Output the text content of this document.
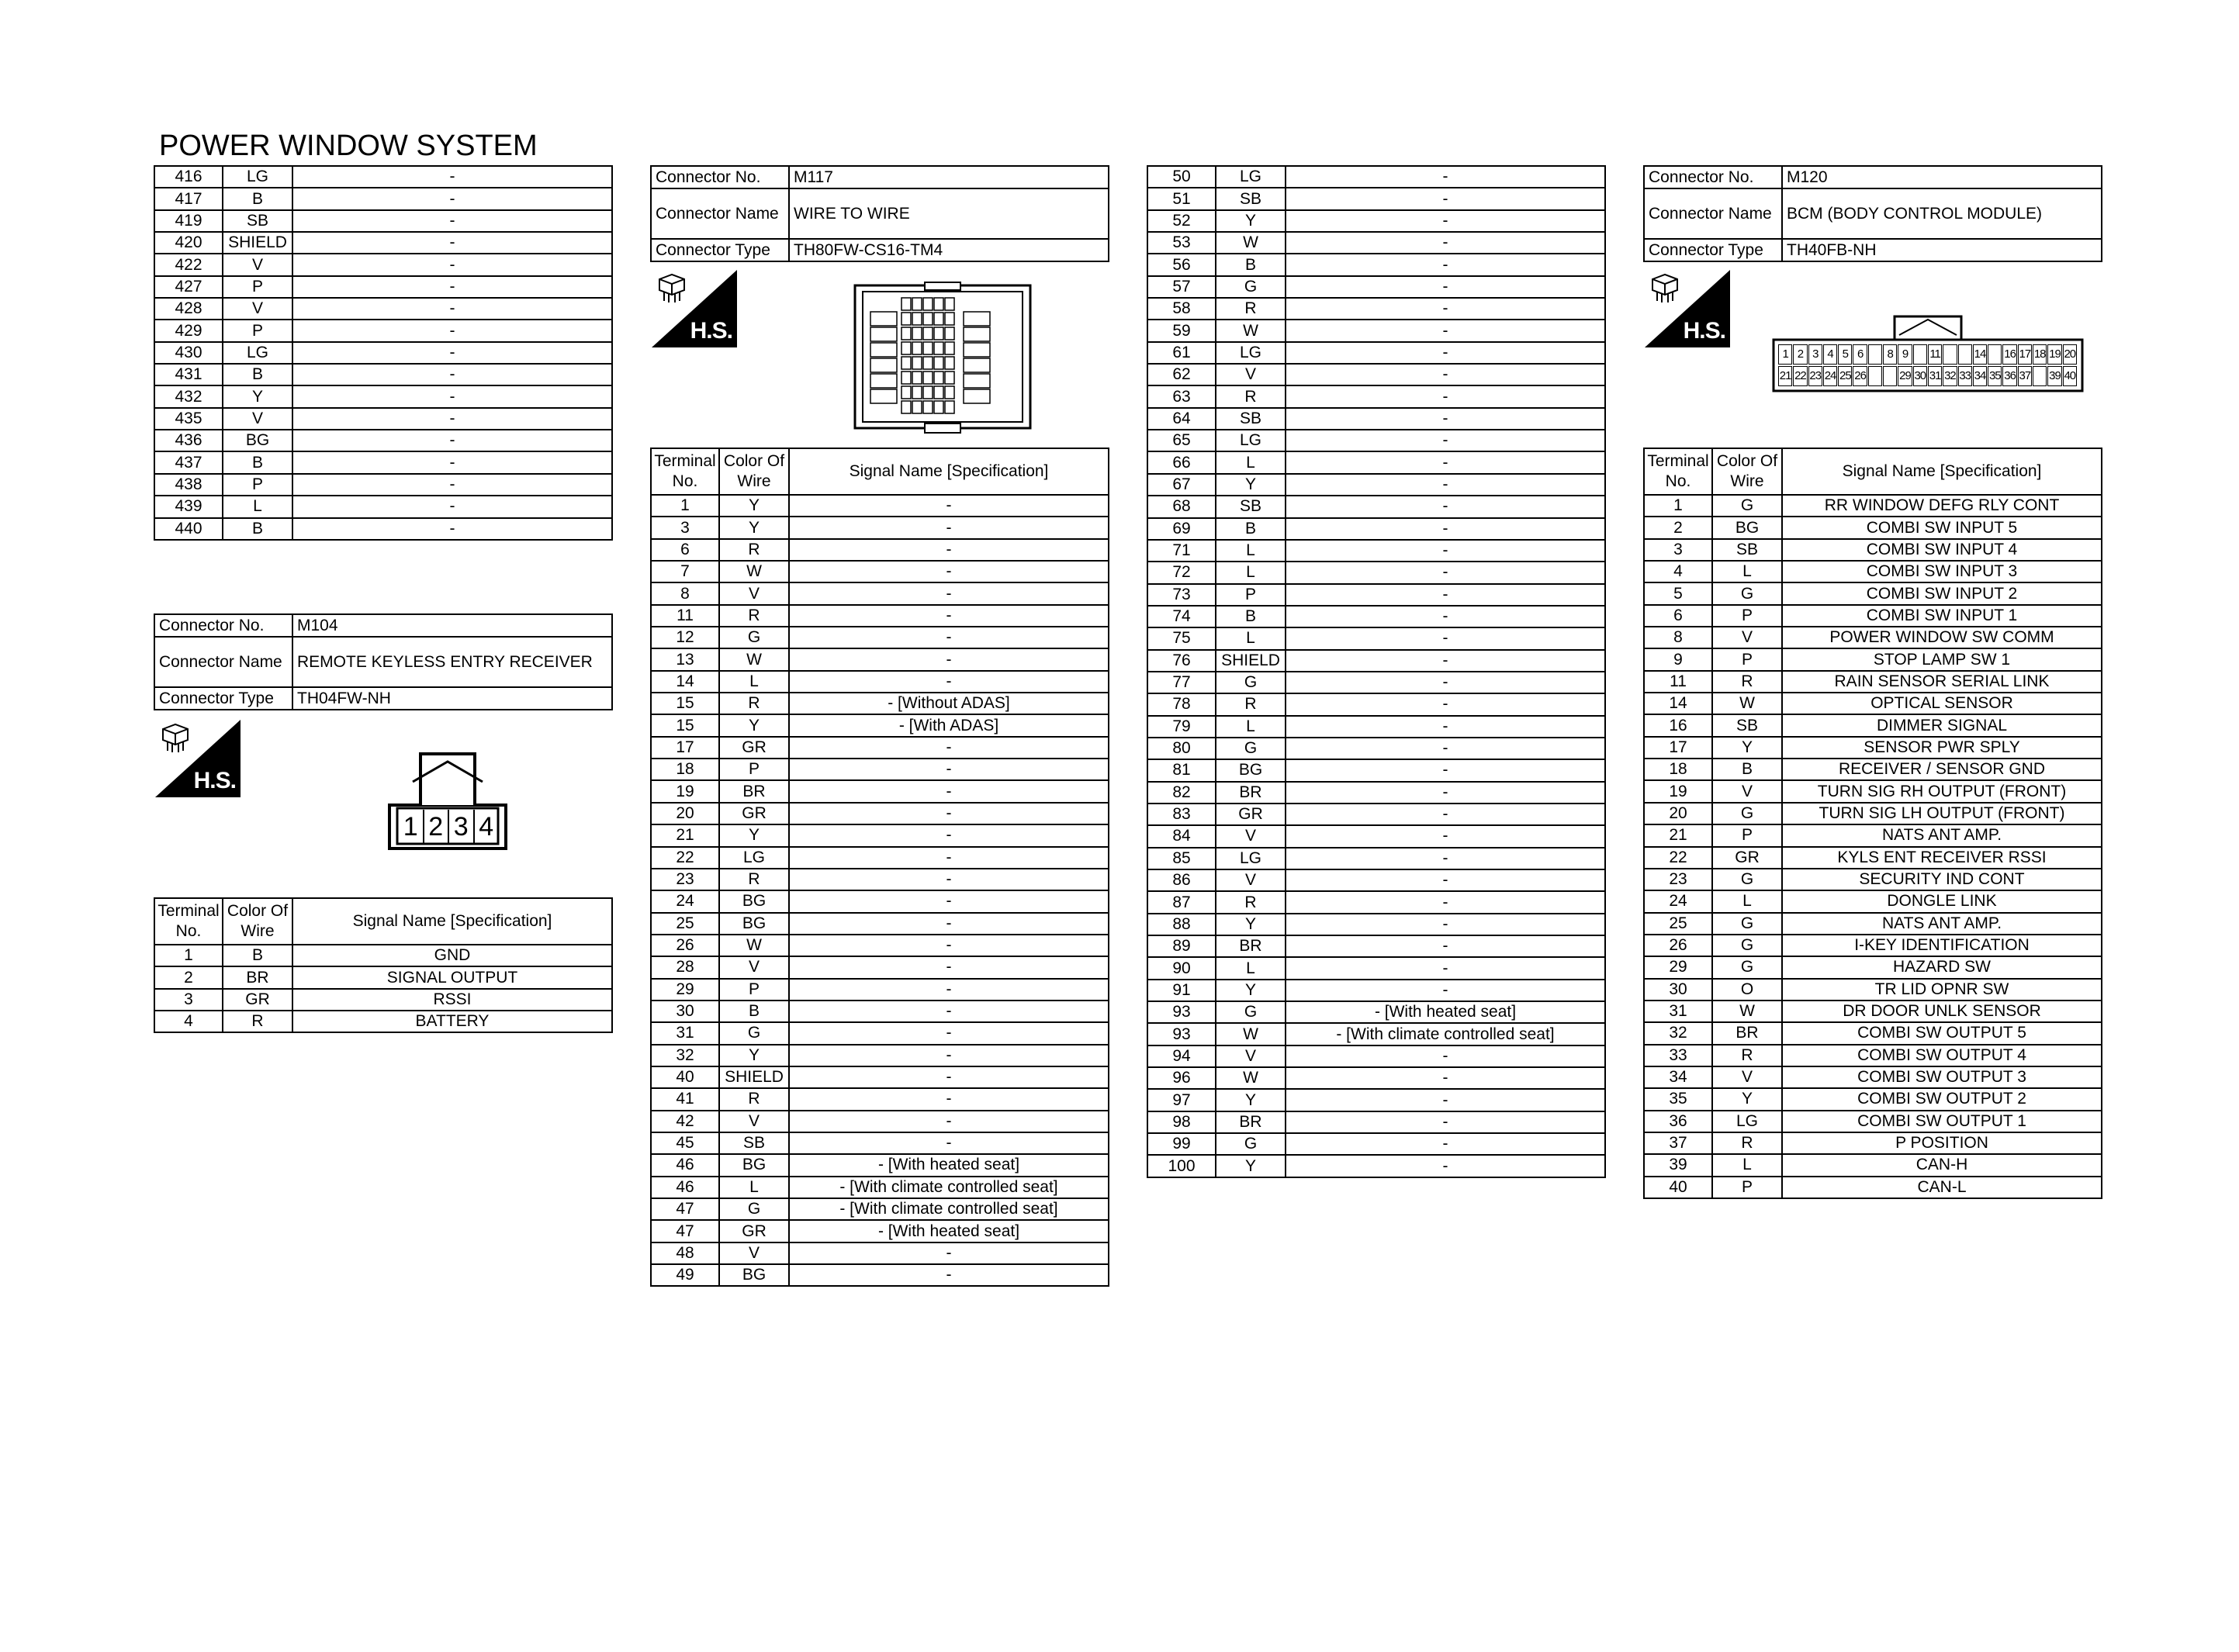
POWER WINDOW SYSTEM
416	LG	-
417	B	-
419	SB	-
420	SHIELD	-
422	V	-
427	P	-
428	V	-
429	P	-
430	LG	-
431	B	-
432	Y	-
435	V	-
436	BG	-
437	B	-
438	P	-
439	L	-
440	B	-
Connector No.	M104
Connector Name	REMOTE KEYLESS ENTRY RECEIVER
Connector Type	TH04FW-NH
H.S.
1 2 3 4
Terminal No.	Color Of Wire	Signal Name [Specification]
1	B	GND
2	BR	SIGNAL OUTPUT
3	GR	RSSI
4	R	BATTERY
Connector No.	M117
Connector Name	WIRE TO WIRE
Connector Type	TH80FW-CS16-TM4
H.S.
Terminal No.	Color Of Wire	Signal Name [Specification]
1	Y	-
3	Y	-
6	R	-
7	W	-
8	V	-
11	R	-
12	G	-
13	W	-
14	L	-
15	R	- [Without ADAS]
15	Y	- [With ADAS]
17	GR	-
18	P	-
19	BR	-
20	GR	-
21	Y	-
22	LG	-
23	R	-
24	BG	-
25	BG	-
26	W	-
28	V	-
29	P	-
30	B	-
31	G	-
32	Y	-
40	SHIELD	-
41	R	-
42	V	-
45	SB	-
46	BG	- [With heated seat]
46	L	- [With climate controlled seat]
47	G	- [With climate controlled seat]
47	GR	- [With heated seat]
48	V	-
49	BG	-
50	LG	-
51	SB	-
52	Y	-
53	W	-
56	B	-
57	G	-
58	R	-
59	W	-
61	LG	-
62	V	-
63	R	-
64	SB	-
65	LG	-
66	L	-
67	Y	-
68	SB	-
69	B	-
71	L	-
72	L	-
73	P	-
74	B	-
75	L	-
76	SHIELD	-
77	G	-
78	R	-
79	L	-
80	G	-
81	BG	-
82	BR	-
83	GR	-
84	V	-
85	LG	-
86	V	-
87	R	-
88	Y	-
89	BR	-
90	L	-
91	Y	-
93	G	- [With heated seat]
93	W	- [With climate controlled seat]
94	V	-
96	W	-
97	Y	-
98	BR	-
99	G	-
100	Y	-
Connector No.	M120
Connector Name	BCM (BODY CONTROL MODULE)
Connector Type	TH40FB-NH
H.S.
1 2 3 4 5 6	8 9	11	14 16 17 18 19 20
21 22 23 24 25 26	29 30 31 32 33 34 35 36 37 39 40
Terminal No.	Color Of Wire	Signal Name [Specification]
1	G	RR WINDOW DEFG RLY CONT
2	BG	COMBI SW INPUT 5
3	SB	COMBI SW INPUT 4
4	L	COMBI SW INPUT 3
5	G	COMBI SW INPUT 2
6	P	COMBI SW INPUT 1
8	V	POWER WINDOW SW COMM
9	P	STOP LAMP SW 1
11	R	RAIN SENSOR SERIAL LINK
14	W	OPTICAL SENSOR
16	SB	DIMMER SIGNAL
17	Y	SENSOR PWR SPLY
18	B	RECEIVER / SENSOR GND
19	V	TURN SIG RH OUTPUT (FRONT)
20	G	TURN SIG LH OUTPUT (FRONT)
21	P	NATS ANT AMP.
22	GR	KYLS ENT RECEIVER RSSI
23	G	SECURITY IND CONT
24	L	DONGLE LINK
25	G	NATS ANT AMP.
26	G	I-KEY IDENTIFICATION
29	G	HAZARD SW
30	O	TR LID OPNR SW
31	W	DR DOOR UNLK SENSOR
32	BR	COMBI SW OUTPUT 5
33	R	COMBI SW OUTPUT 4
34	V	COMBI SW OUTPUT 3
35	Y	COMBI SW OUTPUT 2
36	LG	COMBI SW OUTPUT 1
37	R	P POSITION
39	L	CAN-H
40	P	CAN-L
